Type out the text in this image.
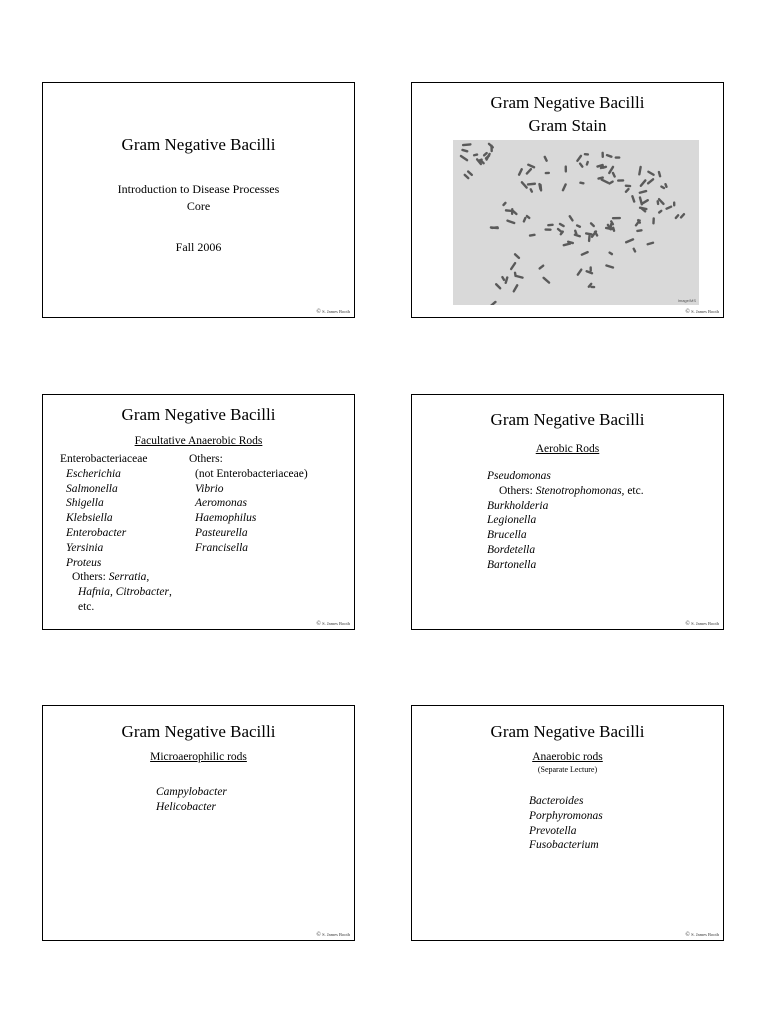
Gram Negative Bacilli
Introduction to Disease Processes
Core
Fall 2006
© S. James Booth
Gram Negative Bacilli
Gram Stain
Image/MS
© S. James Booth
Gram Negative Bacilli
Facultative Anaerobic Rods
Enterobacteriaceae
Escherichia
Salmonella
Shigella
Klebsiella
Enterobacter
Yersinia
Proteus
Others: Serratia,
Hafnia, Citrobacter,
etc.
Others:
(not Enterobacteriaceae)
Vibrio
Aeromonas
Haemophilus
Pasteurella
Francisella
© S. James Booth
Gram Negative Bacilli
Aerobic Rods
Pseudomonas
Others: Stenotrophomonas, etc.
Burkholderia
Legionella
Brucella
Bordetella
Bartonella
© S. James Booth
Gram Negative Bacilli
Microaerophilic rods
Campylobacter
Helicobacter
© S. James Booth
Gram Negative Bacilli
Anaerobic rods
(Separate Lecture)
Bacteroides
Porphyromonas
Prevotella
Fusobacterium
© S. James Booth
